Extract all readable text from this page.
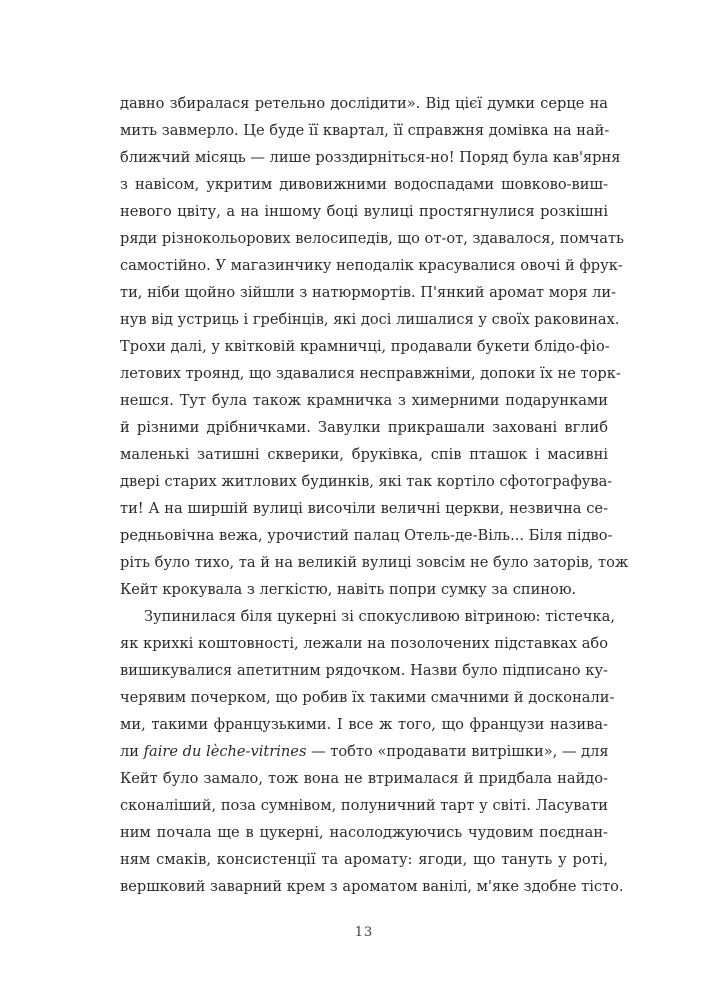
давно збиралася ретельно дослідити». Від цієї думки серце на
мить завмерло. Це буде її квартал, її справжня домівка на най-
ближчий місяць — лише розздирніться-но! Поряд була кав'ярня
з навісом, укритим дивовижними водоспадами шовково-виш-
невого цвіту, а на іншому боці вулиці простягнулися розкішні
ряди різнокольорових велосипедів, що от-от, здавалося, помчать
самостійно. У магазинчику неподалік красувалися овочі й фрук-
ти, ніби щойно зійшли з натюрмортів. П'янкий аромат моря ли-
нув від устриць і гребінців, які досі лишалися у своїх раковинах.
Трохи далі, у квітковій крамничці, продавали букети блідо-фіо-
летових троянд, що здавалися несправжніми, допоки їх не торк-
нешся. Тут була також крамничка з химерними подарунками
й різними дрібничками. Завулки прикрашали заховані вглиб
маленькі затишні скверики, бруківка, спів пташок і масивні
двері старих житлових будинків, які так кортіло сфотографува-
ти! А на ширшій вулиці височіли величні церкви, незвична се-
редньовічна вежа, урочистий палац Отель-де-Віль... Біля підво-
ріть було тихо, та й на великій вулиці зовсім не було заторів, тож
Кейт крокувала з легкістю, навіть попри сумку за спиною.
Зупинилася біля цукерні зі спокусливою вітриною: тістечка,
як крихкі коштовності, лежали на позолочених підставках або
вишикувалися апетитним рядочком. Назви було підписано ку-
черявим почерком, що робив їх такими смачними й досконали-
ми, такими французькими. І все ж того, що французи назива-
ли faire du lèche-vitrines — тобто «продавати витрішки», — для
Кейт було замало, тож вона не втрималася й придбала найдо-
сконаліший, поза сумнівом, полуничний тарт у світі. Ласувати
ним почала ще в цукерні, насолоджуючись чудовим поєднан-
ням смаків, консистенції та аромату: ягоди, що тануть у роті,
вершковий заварний крем з ароматом ванілі, м'яке здобне тісто.
13
